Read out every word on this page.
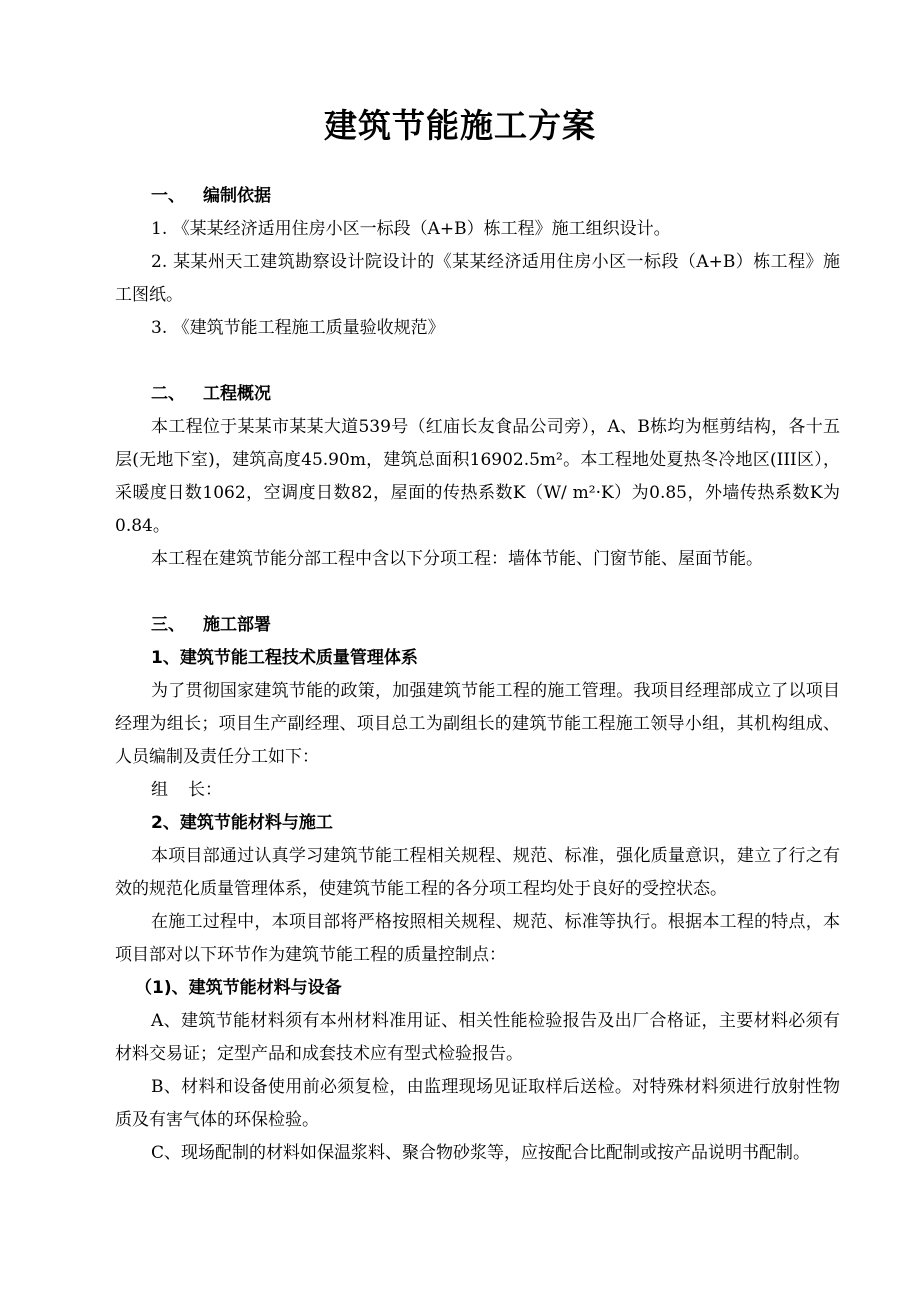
建筑节能施工方案

一、 编制依据

1. 《某某经济适用住房小区一标段（A+B）栋工程》施工组织设计。

2. 某某州天工建筑勘察设计院设计的《某某经济适用住房小区一标段（A+B）栋工程》施工图纸。

3. 《建筑节能工程施工质量验收规范》

二、 工程概况

本工程位于某某市某某大道539号（红庙长友食品公司旁），A、B栋均为框剪结构，各十五层(无地下室)，建筑高度45.90m，建筑总面积16902.5m²。本工程地处夏热冬冷地区(III区），采暖度日数1062，空调度日数82，屋面的传热系数K（W/ m²·K）为0.85，外墙传热系数K为0.84。

本工程在建筑节能分部工程中含以下分项工程：墙体节能、门窗节能、屋面节能。

三、 施工部署

1、建筑节能工程技术质量管理体系

为了贯彻国家建筑节能的政策，加强建筑节能工程的施工管理。我项目经理部成立了以项目经理为组长；项目生产副经理、项目总工为副组长的建筑节能工程施工领导小组，其机构组成、人员编制及责任分工如下：

组 长：

2、建筑节能材料与施工

本项目部通过认真学习建筑节能工程相关规程、规范、标准，强化质量意识，建立了行之有效的规范化质量管理体系，使建筑节能工程的各分项工程均处于良好的受控状态。

在施工过程中，本项目部将严格按照相关规程、规范、标准等执行。根据本工程的特点，本项目部对以下环节作为建筑节能工程的质量控制点：

（1)、建筑节能材料与设备

A、建筑节能材料须有本州材料准用证、相关性能检验报告及出厂合格证，主要材料必须有材料交易证；定型产品和成套技术应有型式检验报告。

B、材料和设备使用前必须复检，由监理现场见证取样后送检。对特殊材料须进行放射性物质及有害气体的环保检验。

C、现场配制的材料如保温浆料、聚合物砂浆等，应按配合比配制或按产品说明书配制。
